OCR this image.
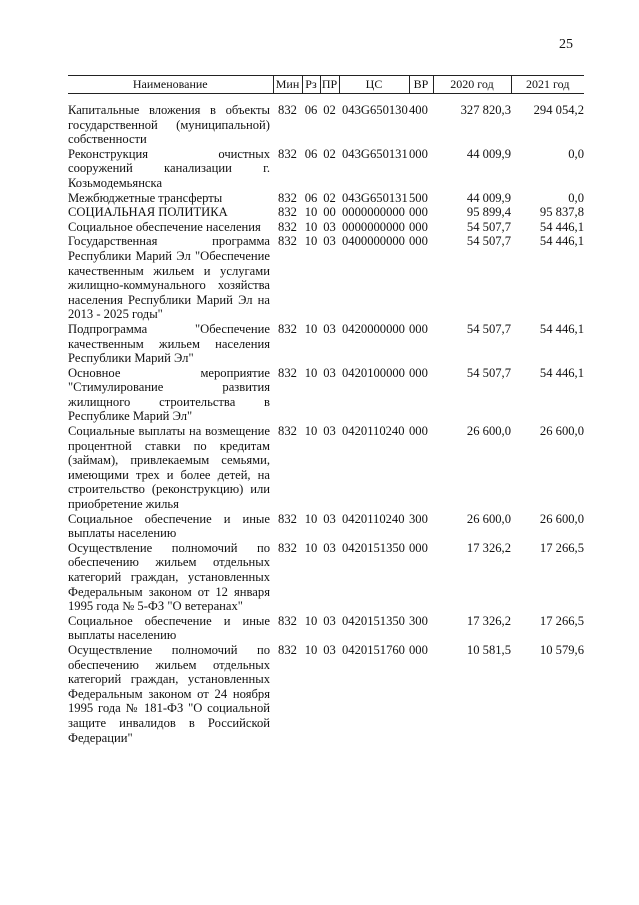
25
Наименование	Мин	Рз	ПР	ЦС	ВР	2020 год	2021 год
Капитальные вложения в объекты государственной (муниципальной) собственности	832	06	02	043G650130	400	327 820,3	294 054,2
Реконструкция очистных сооружений канализации г. Козьмодемьянска	832	06	02	043G650131	000	44 009,9	0,0
Межбюджетные трансферты	832	06	02	043G650131	500	44 009,9	0,0
СОЦИАЛЬНАЯ ПОЛИТИКА	832	10	00	0000000000	000	95 899,4	95 837,8
Социальное обеспечение населения	832	10	03	0000000000	000	54 507,7	54 446,1
Государственная программа Республики Марий Эл "Обеспечение качественным жильем и услугами жилищно-коммунального хозяйства населения Республики Марий Эл на 2013 - 2025 годы"	832	10	03	0400000000	000	54 507,7	54 446,1
Подпрограмма "Обеспечение качественным жильем населения Республики Марий Эл"	832	10	03	0420000000	000	54 507,7	54 446,1
Основное мероприятие "Стимулирование развития жилищного строительства в Республике Марий Эл"	832	10	03	0420100000	000	54 507,7	54 446,1
Социальные выплаты на возмещение процентной ставки по кредитам (займам), привлекаемым семьями, имеющими трех и более детей, на строительство (реконструкцию) или приобретение жилья	832	10	03	0420110240	000	26 600,0	26 600,0
Социальное обеспечение и иные выплаты населению	832	10	03	0420110240	300	26 600,0	26 600,0
Осуществление полномочий по обеспечению жильем отдельных категорий граждан, установленных Федеральным законом от 12 января 1995 года № 5-ФЗ "О ветеранах"	832	10	03	0420151350	000	17 326,2	17 266,5
Социальное обеспечение и иные выплаты населению	832	10	03	0420151350	300	17 326,2	17 266,5
Осуществление полномочий по обеспечению жильем отдельных категорий граждан, установленных Федеральным законом от 24 ноября 1995 года № 181-ФЗ "О социальной защите инвалидов в Российской Федерации"	832	10	03	0420151760	000	10 581,5	10 579,6
